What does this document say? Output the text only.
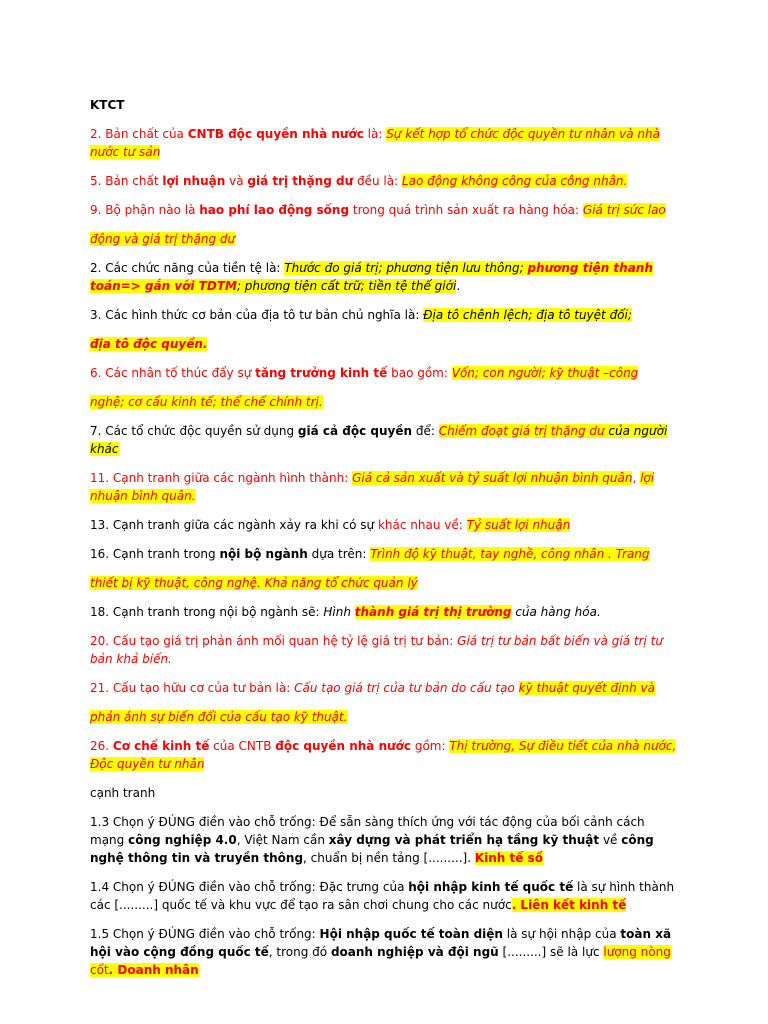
KTCT

2. Bản chất của CNTB độc quyền nhà nước là: Sự kết hợp tổ chức độc quyền tư nhân và nhà nước tư sản

5. Bản chất lợi nhuận và giá trị thặng dư đều là: Lao động không công của công nhân.

9. Bộ phận nào là hao phí lao động sống trong quá trình sản xuất ra hàng hóa: Giá trị sức lao

động và giá trị thặng dư

2. Các chức năng của tiền tệ là: Thước đo giá trị; phương tiện lưu thông; phương tiện thanh toán=> gắn với TDTM; phương tiện cất trữ; tiền tệ thế giới.

3. Các hình thức cơ bản của địa tô tư bản chủ nghĩa là: Địa tô chênh lệch; địa tô tuyệt đối;

địa tô độc quyền.

6. Các nhân tố thúc đẩy sự tăng trưởng kinh tế bao gồm: Vốn; con người; kỹ thuật –công

nghệ; cơ cấu kinh tế; thể chế chính trị.

7. Các tổ chức độc quyền sử dụng giá cả độc quyền để: Chiếm đoạt giá trị thặng dư của người khác

11. Cạnh tranh giữa các ngành hình thành: Giá cả sản xuất và tỷ suất lợi nhuận bình quân, lợi nhuận bình quân.

13. Cạnh tranh giữa các ngành xảy ra khi có sự khác nhau về: Tỷ suất lợi nhuận

16. Cạnh tranh trong nội bộ ngành dựa trên: Trình độ kỹ thuật, tay nghề, công nhân . Trang

thiết bị kỹ thuật, công nghệ. Khả năng tổ chức quản lý

18. Cạnh tranh trong nội bộ ngành sẽ: Hình thành giá trị thị trường của hàng hóa.

20. Cấu tạo giá trị phản ánh mối quan hệ tỷ lệ giá trị tư bản: Giá trị tư bản bất biến và giá trị tư bản khả biến.

21. Cấu tạo hữu cơ của tư bản là: Cấu tạo giá trị của tư bản do cấu tạo kỹ thuật quyết định và

phản ánh sự biến đổi của cấu tạo kỹ thuật.

26. Cơ chế kinh tế của CNTB độc quyền nhà nước gồm: Thị trường, Sự điều tiết của nhà nước, Độc quyền tư nhân

cạnh tranh

1.3 Chọn ý ĐÚNG điền vào chỗ trống: Để sẵn sàng thích ứng với tác động của bối cảnh cách mạng công nghiệp 4.0, Việt Nam cần xây dựng và phát triển hạ tầng kỹ thuật về công nghệ thông tin và truyền thông, chuẩn bị nền tảng [.........]. Kinh tế số

1.4 Chọn ý ĐÚNG điền vào chỗ trống: Đặc trưng của hội nhập kinh tế quốc tế là sự hình thành các [.........] quốc tế và khu vực để tạo ra sân chơi chung cho các nước. Liên kết kinh tế

1.5 Chọn ý ĐÚNG điền vào chỗ trống: Hội nhập quốc tế toàn diện là sự hội nhập của toàn xã hội vào cộng đồng quốc tế, trong đó doanh nghiệp và đội ngũ [.........] sẽ là lực lượng nòng cốt. Doanh nhân
